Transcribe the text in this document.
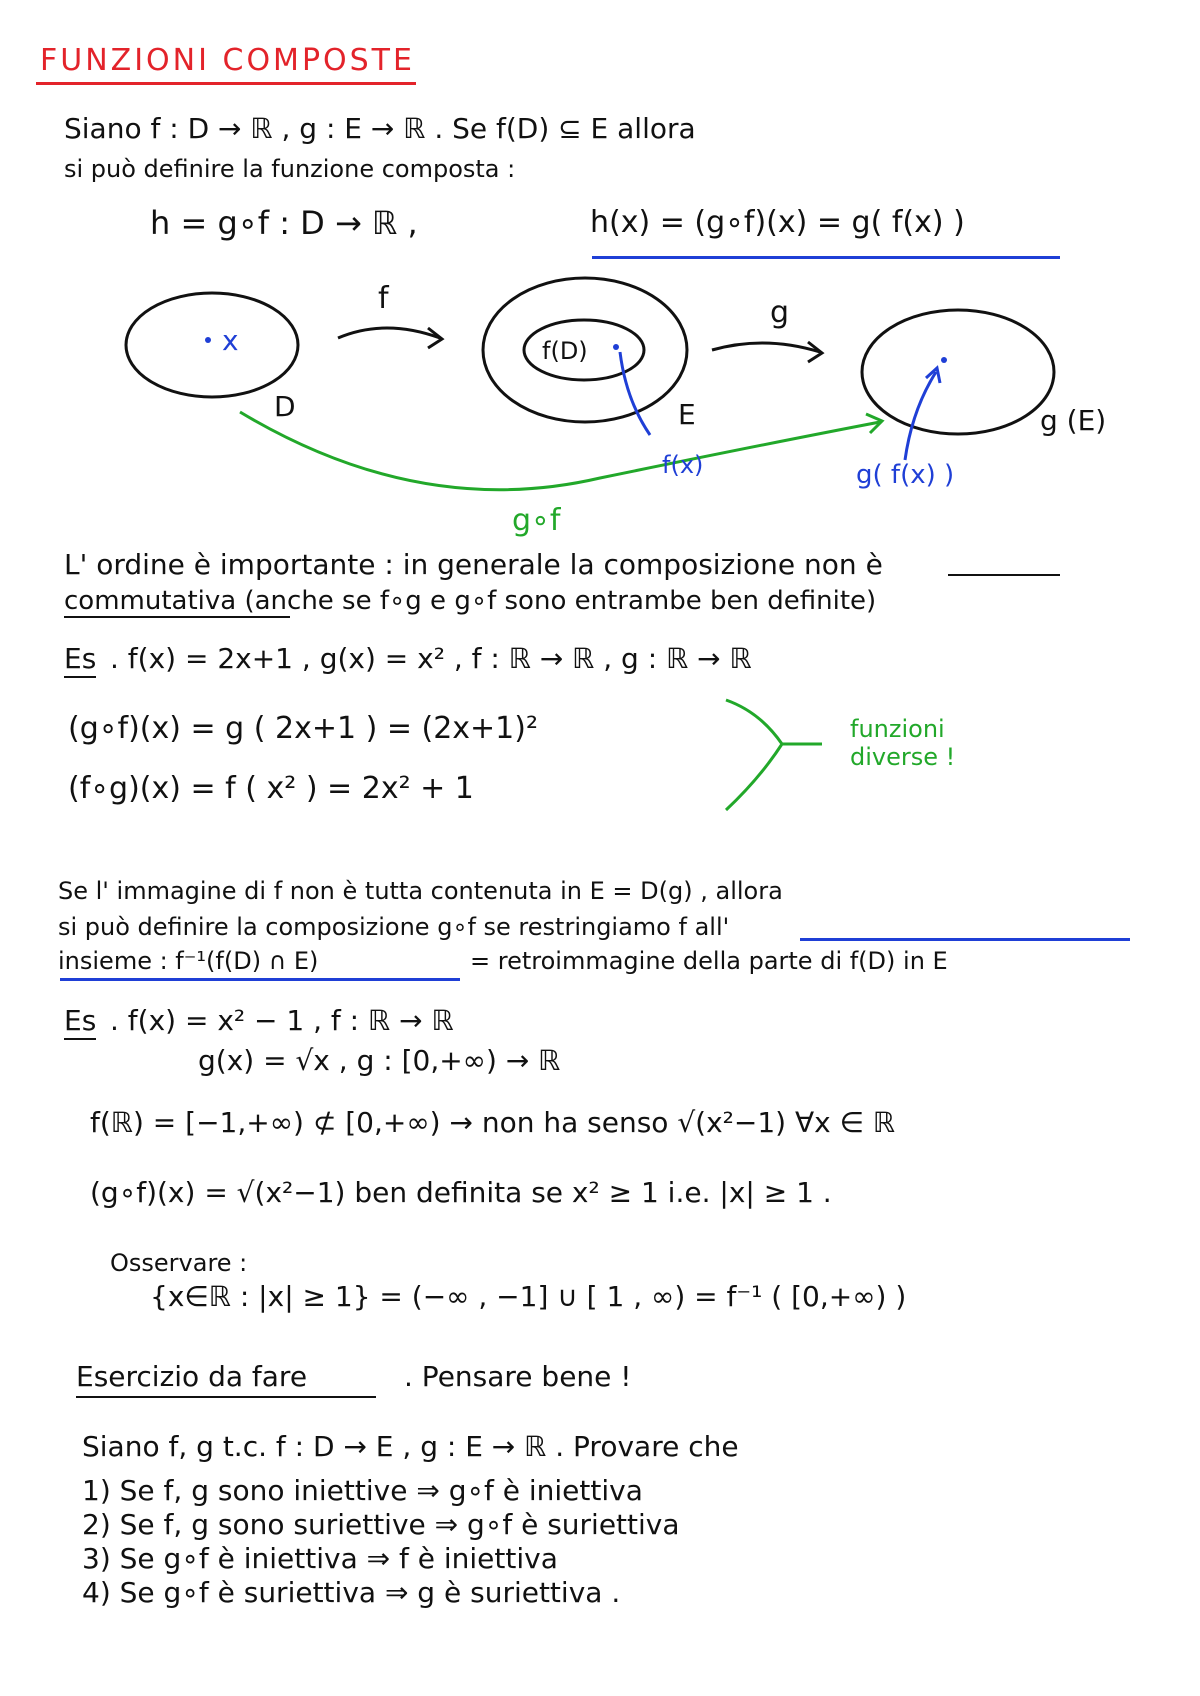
FUNZIONI COMPOSTE
Siano f : D → ℝ , g : E → ℝ . Se f(D) ⊆ E allora
si può definire la funzione composta :
h = g∘f : D → ℝ ,	h(x) = (g∘f)(x) = g( f(x) )
f	g
x
D
f(D)
E	g (E)
f(x)	g( f(x) )
g∘f
L' ordine è importante : in generale la composizione non è
commutativa (anche se f∘g e g∘f sono entrambe ben definite)
Es . f(x) = 2x+1 , g(x) = x² , f : ℝ → ℝ , g : ℝ → ℝ
(g∘f)(x) = g ( 2x+1 ) = (2x+1)²
(f∘g)(x) = f ( x² ) = 2x² + 1
funzioni
diverse !
Se l' immagine di f non è tutta contenuta in E = D(g) , allora
si può definire la composizione g∘f se restringiamo f all'
insieme : f⁻¹(f(D) ∩ E)	= retroimmagine della parte di f(D) in E
Es . f(x) = x² − 1 , f : ℝ → ℝ
g(x) = √x , g : [0,+∞) → ℝ
f(ℝ) = [−1,+∞) ⊄ [0,+∞) → non ha senso √(x²−1) ∀x ∈ ℝ
(g∘f)(x) = √(x²−1) ben definita se x² ≥ 1 i.e. |x| ≥ 1 .
Osservare :
{x∈ℝ : |x| ≥ 1} = (−∞ , −1] ∪ [ 1 , ∞) = f⁻¹ ( [0,+∞) )
Esercizio da fare	. Pensare bene !
Siano f, g t.c. f : D → E , g : E → ℝ . Provare che
1) Se f, g sono iniettive ⇒ g∘f è iniettiva
2) Se f, g sono suriettive ⇒ g∘f è suriettiva
3) Se g∘f è iniettiva ⇒ f è iniettiva
4) Se g∘f è suriettiva ⇒ g è suriettiva .
